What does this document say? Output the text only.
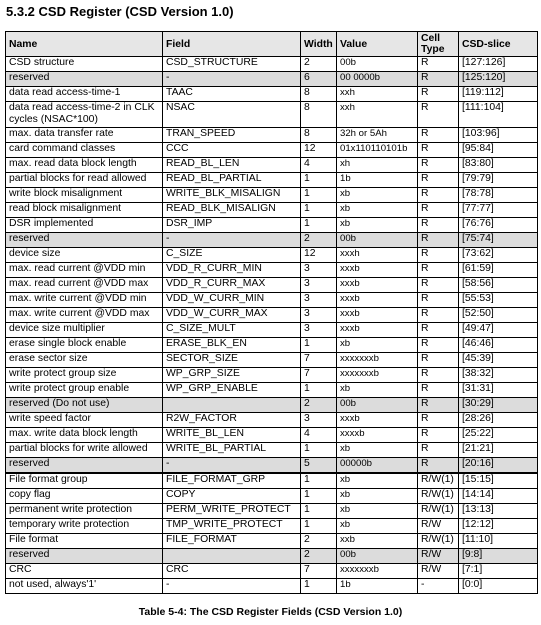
5.3.2 CSD Register (CSD Version 1.0)
Name	Field	Width	Value	Cell Type	CSD-slice
CSD structure	CSD_STRUCTURE	2	00b	R	[127:126]
reserved	-	6	00 0000b	R	[125:120]
data read access-time-1	TAAC	8	xxh	R	[119:112]
data read access-time-2 in CLK cycles (NSAC*100)	NSAC	8	xxh	R	[111:104]
max. data transfer rate	TRAN_SPEED	8	32h or 5Ah	R	[103:96]
card command classes	CCC	12	01x110110101b	R	[95:84]
max. read data block length	READ_BL_LEN	4	xh	R	[83:80]
partial blocks for read allowed	READ_BL_PARTIAL	1	1b	R	[79:79]
write block misalignment	WRITE_BLK_MISALIGN	1	xb	R	[78:78]
read block misalignment	READ_BLK_MISALIGN	1	xb	R	[77:77]
DSR implemented	DSR_IMP	1	xb	R	[76:76]
reserved	-	2	00b	R	[75:74]
device size	C_SIZE	12	xxxh	R	[73:62]
max. read current @VDD min	VDD_R_CURR_MIN	3	xxxb	R	[61:59]
max. read current @VDD max	VDD_R_CURR_MAX	3	xxxb	R	[58:56]
max. write current @VDD min	VDD_W_CURR_MIN	3	xxxb	R	[55:53]
max. write current @VDD max	VDD_W_CURR_MAX	3	xxxb	R	[52:50]
device size multiplier	C_SIZE_MULT	3	xxxb	R	[49:47]
erase single block enable	ERASE_BLK_EN	1	xb	R	[46:46]
erase sector size	SECTOR_SIZE	7	xxxxxxxb	R	[45:39]
write protect group size	WP_GRP_SIZE	7	xxxxxxxb	R	[38:32]
write protect group enable	WP_GRP_ENABLE	1	xb	R	[31:31]
reserved (Do not use)		2	00b	R	[30:29]
write speed factor	R2W_FACTOR	3	xxxb	R	[28:26]
max. write data block length	WRITE_BL_LEN	4	xxxxb	R	[25:22]
partial blocks for write allowed	WRITE_BL_PARTIAL	1	xb	R	[21:21]
reserved	-	5	00000b	R	[20:16]
File format group	FILE_FORMAT_GRP	1	xb	R/W(1)	[15:15]
copy flag	COPY	1	xb	R/W(1)	[14:14]
permanent write protection	PERM_WRITE_PROTECT	1	xb	R/W(1)	[13:13]
temporary write protection	TMP_WRITE_PROTECT	1	xb	R/W	[12:12]
File format	FILE_FORMAT	2	xxb	R/W(1)	[11:10]
reserved		2	00b	R/W	[9:8]
CRC	CRC	7	xxxxxxxb	R/W	[7:1]
not used, always'1'	-	1	1b	-	[0:0]
Table 5-4: The CSD Register Fields (CSD Version 1.0)
